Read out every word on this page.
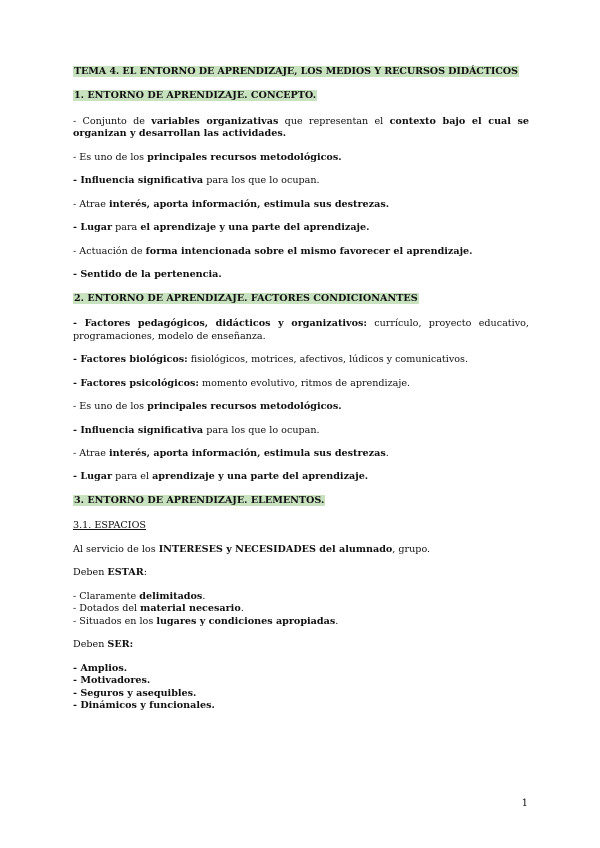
TEMA 4. EL ENTORNO DE APRENDIZAJE, LOS MEDIOS Y RECURSOS DIDÁCTICOS

1. ENTORNO DE APRENDIZAJE. CONCEPTO.

- Conjunto de variables organizativas que representan el contexto bajo el cual se organizan y desarrollan las actividades.

- Es uno de los principales recursos metodológicos.

- Influencia significativa para los que lo ocupan.

- Atrae interés, aporta información, estimula sus destrezas.

- Lugar para el aprendizaje y una parte del aprendizaje.

- Actuación de forma intencionada sobre el mismo favorecer el aprendizaje.

- Sentido de la pertenencia.

2. ENTORNO DE APRENDIZAJE. FACTORES CONDICIONANTES

- Factores pedagógicos, didácticos y organizativos: currículo, proyecto educativo, programaciones, modelo de enseñanza.

- Factores biológicos: fisiológicos, motrices, afectivos, lúdicos y comunicativos.

- Factores psicológicos: momento evolutivo, ritmos de aprendizaje.

- Es uno de los principales recursos metodológicos.

- Influencia significativa para los que lo ocupan.

- Atrae interés, aporta información, estimula sus destrezas.

- Lugar para el aprendizaje y una parte del aprendizaje.

3. ENTORNO DE APRENDIZAJE. ELEMENTOS.

3.1. ESPACIOS

Al servicio de los INTERESES y NECESIDADES del alumnado, grupo.

Deben ESTAR:

- Claramente delimitados.

- Dotados del material necesario.

- Situados en los lugares y condiciones apropiadas.

Deben SER:

- Amplios.

- Motivadores.

- Seguros y asequibles.

- Dinámicos y funcionales.

1
